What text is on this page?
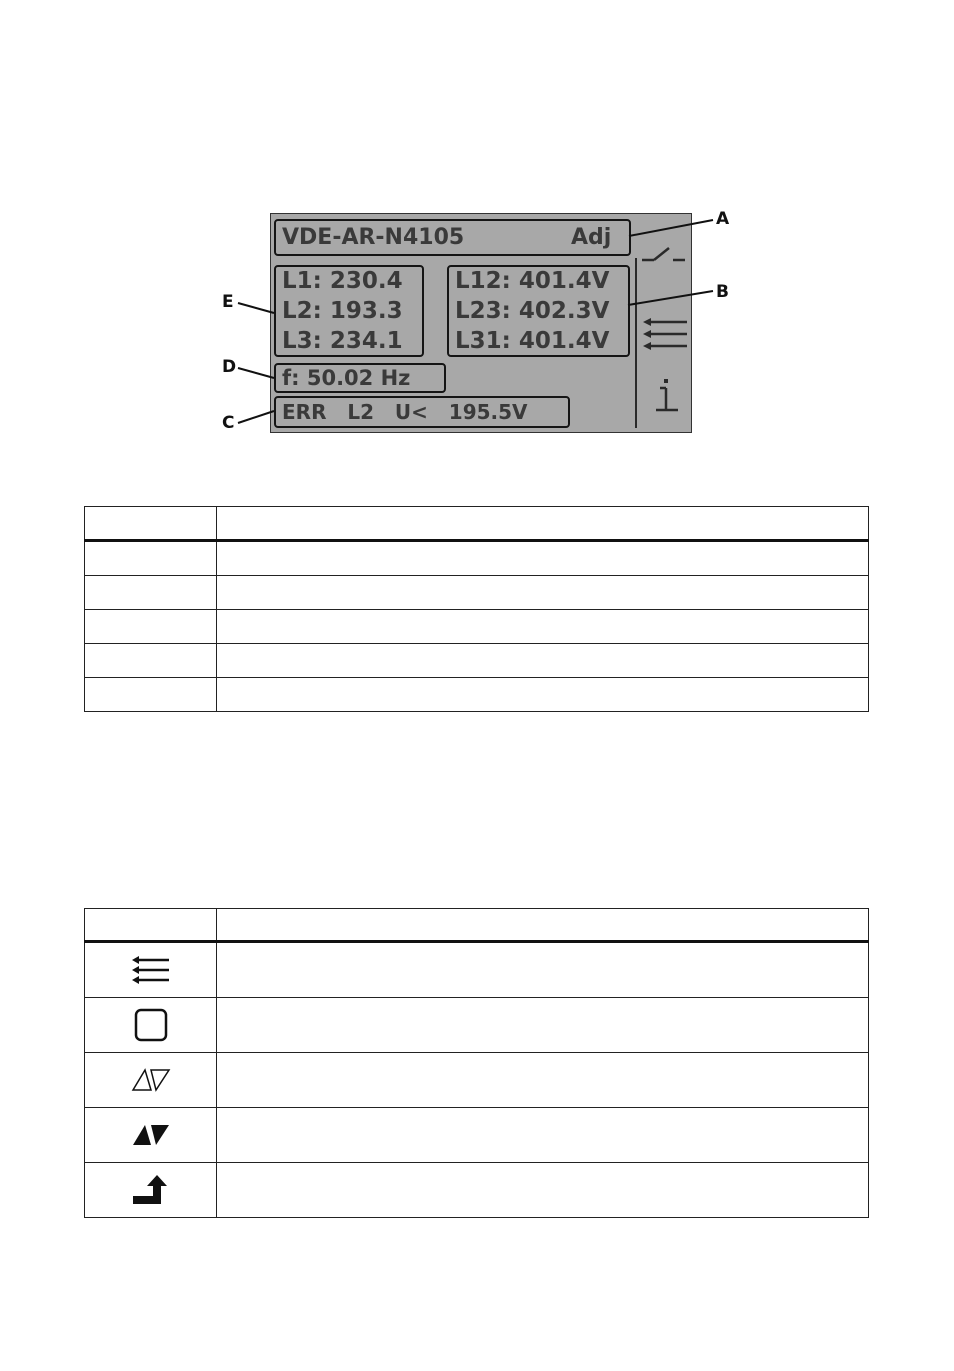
VDE-AR-N4105	Adj
L1: 230.4
L2: 193.3
L3: 234.1
L12: 401.4V
L23: 402.3V
L31: 401.4V
f: 50.02 Hz
ERR   L2   U<   195.5V
A
B
E
D
C
